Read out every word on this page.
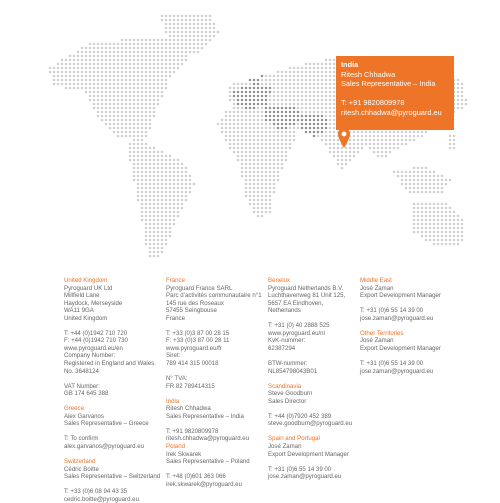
India
Ritesh Chhadwa
Sales Representative – India
T: +91 9820809978
ritesh.chhadwa@pyroguard.eu
United Kingdom
Pyroguard UK Ltd
Millfield Lane
Haydock, Merseyside
WA11 9GA
United Kingdom
T: +44 (0)1942 710 720
F: +44 (0)1942 710 730
www.pyroguard.eu/en
Company Number:
Registered in England and Wales.
No. 3648124
VAT Number:
GB 174 645 388
Greece
Alex Garvanos
Sales Representative – Greece
T: To confirm
alex.garvanos@pyroguard.eu
Switzerland
Cédric Boitte
Sales Representative – Switzerland
T: +33 (0)6 08 94 43 35
cedric.boitte@pyroguard.eu
France
Pyroguard France SARL
Parc d’activités communautaire n°1
145 rue des Roseaux
57455 Seingbouse
France
T: +33 (0)3 87 00 28 15
F: +33 (0)3 87 00 28 11
www.pyroguard.eu/fr
Siret:
789 414 315 00018
N° TVA:
FR 82 789414315
India
Ritesh Chhadwa
Sales Representative – India
T: +91 9820809978
ritesh.chhadwa@pyroguard.eu
Poland
Irek Skwarek
Sales Representative – Poland
T: +48 (0)601 363 066
irek.skwarek@pyroguard.eu
Benelux
Pyroguard Netherlands B.V.
Luchthavenweg 81 Unit 125,
5657 EA Eindhoven,
Netherlands
T: +31 (0) 40 2888 525
www.pyroguard.eu/nl
KvK-nummer:
62387294
BTW-nummer:
NL854798043B01
Scandinavia
Steve Goodburn
Sales Director
T: +44 (0)7920 452 389
steve.goodburn@pyroguard.eu
Spain and Portugal
José Zaman
Export Development Manager
T: +31 (0)6 55 14 39 00
jose.zaman@pyroguard.eu
Middle East
José Zaman
Export Development Manager
T: +31 (0)6 55 14 39 00
jose.zaman@pyroguard.eu
Other Territories
José Zaman
Export Development Manager
T: +31 (0)6 55 14 39 00
jose.zaman@pyroguard.eu
